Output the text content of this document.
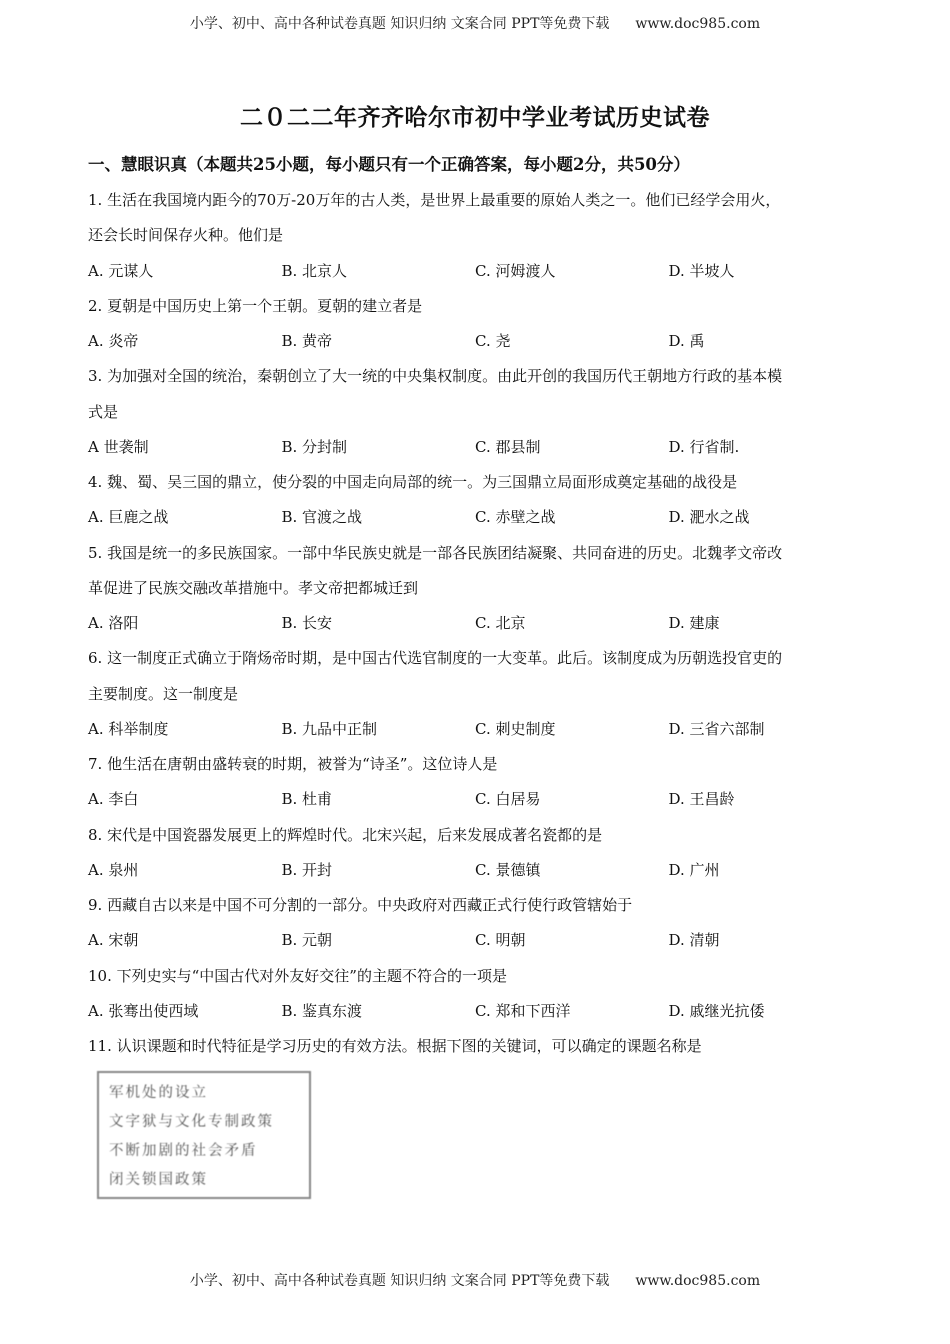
小学、初中、高中各种试卷真题 知识归纳 文案合同 PPT等免费下载 www.doc985.com
二０二二年齐齐哈尔市初中学业考试历史试卷
一、慧眼识真（本题共25小题，每小题只有一个正确答案，每小题2分，共50分）
1. 生活在我国境内距今的70万-20万年的古人类，是世界上最重要的原始人类之一。他们已经学会用火，
还会长时间保存火种。他们是
A. 元谋人	B. 北京人	C. 河姆渡人	D. 半坡人
2. 夏朝是中国历史上第一个王朝。夏朝的建立者是
A. 炎帝	B. 黄帝	C. 尧	D. 禹
3. 为加强对全国的统治，秦朝创立了大一统的中央集权制度。由此开创的我国历代王朝地方行政的基本模
式是
A 世袭制	B. 分封制	C. 郡县制	D. 行省制.
4. 魏、蜀、吴三国的鼎立，使分裂的中国走向局部的统一。为三国鼎立局面形成奠定基础的战役是
A. 巨鹿之战	B. 官渡之战	C. 赤壁之战	D. 淝水之战
5. 我国是统一的多民族国家。一部中华民族史就是一部各民族团结凝聚、共同奋进的历史。北魏孝文帝改
革促进了民族交融改革措施中。孝文帝把都城迁到
A. 洛阳	B. 长安	C. 北京	D. 建康
6. 这一制度正式确立于隋炀帝时期，是中国古代选官制度的一大变革。此后。该制度成为历朝选投官吏的
主要制度。这一制度是
A. 科举制度	B. 九品中正制	C. 刺史制度	D. 三省六部制
7. 他生活在唐朝由盛转衰的时期，被誉为“诗圣”。这位诗人是
A. 李白	B. 杜甫	C. 白居易	D. 王昌龄
8. 宋代是中国瓷器发展更上的辉煌时代。北宋兴起，后来发展成著名瓷都的是
A. 泉州	B. 开封	C. 景德镇	D. 广州
9. 西藏自古以来是中国不可分割的一部分。中央政府对西藏正式行使行政管辖始于
A. 宋朝	B. 元朝	C. 明朝	D. 清朝
10. 下列史实与“中国古代对外友好交往”的主题不符合的一项是
A. 张骞出使西域	B. 鉴真东渡	C. 郑和下西洋	D. 戚继光抗倭
11. 认识课题和时代特征是学习历史的有效方法。根据下图的关键词，可以确定的课题名称是
军机处的设立
文字狱与文化专制政策
不断加剧的社会矛盾
闭关锁国政策
小学、初中、高中各种试卷真题 知识归纳 文案合同 PPT等免费下载 www.doc985.com
